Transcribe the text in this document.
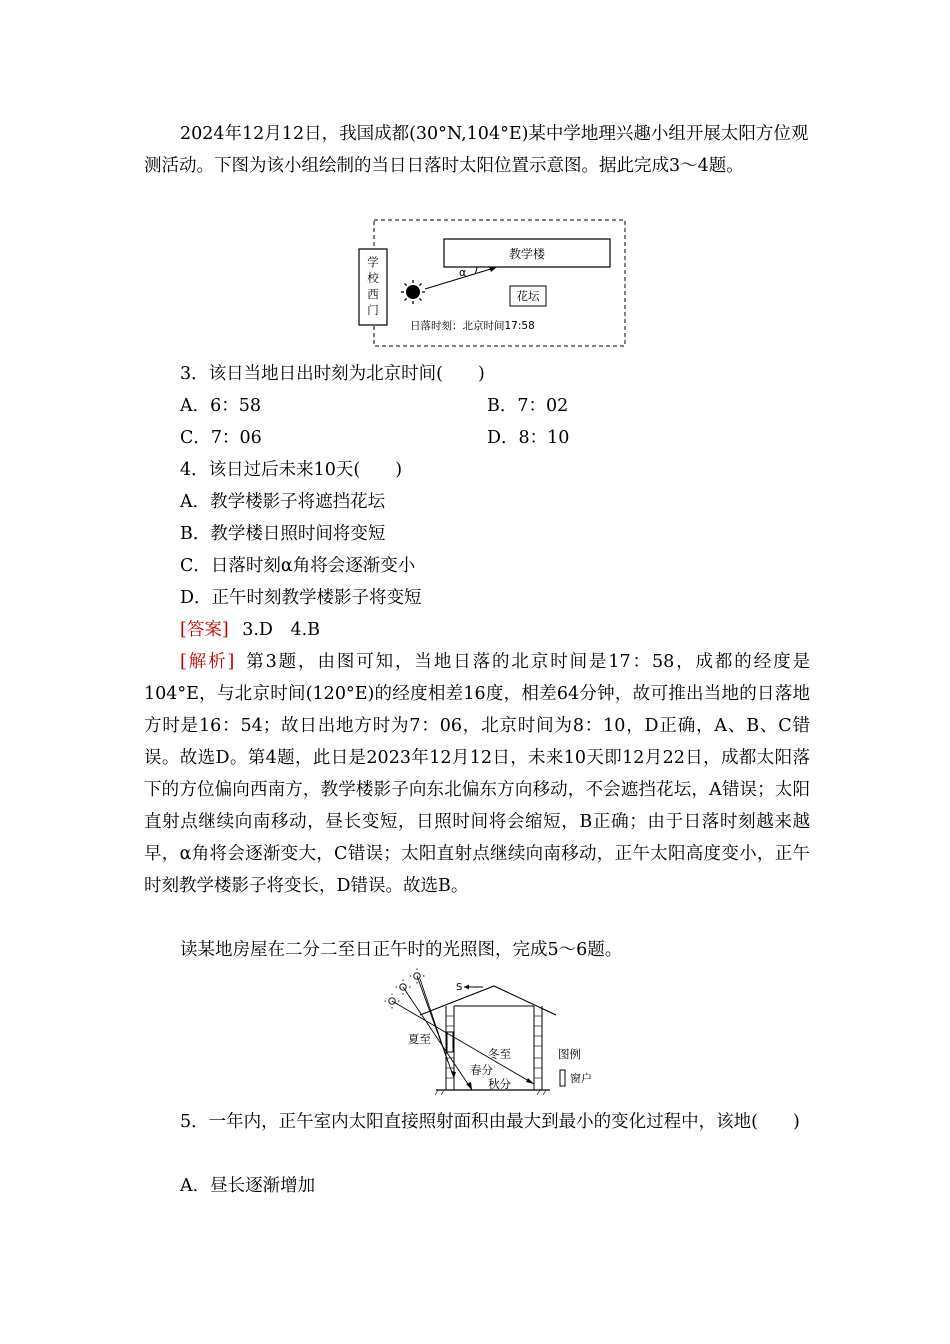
2024年12月12日，我国成都(30°N,104°E)某中学地理兴趣小组开展太阳方位观测活动。下图为该小组绘制的当日日落时太阳位置示意图。据此完成3～4题。
学
校
西
门
教学楼
花坛
α
日落时刻：北京时间17:58
3．该日当地日出时刻为北京时间(　　)
A．6：58	B．7：02
C．7：06	D．8：10
4．该日过后未来10天(　　)
A．教学楼影子将遮挡花坛
B．教学楼日照时间将变短
C．日落时刻α角将会逐渐变小
D．正午时刻教学楼影子将变短
[答案] 3.D　4.B
[解析] 第3题，由图可知，当地日落的北京时间是17：58，成都的经度是104°E，与北京时间(120°E)的经度相差16度，相差64分钟，故可推出当地的日落地方时是16：54；故日出地方时为7：06，北京时间为8：10，D正确，A、B、C错误。故选D。第4题，此日是2023年12月12日，未来10天即12月22日，成都太阳落下的方位偏向西南方，教学楼影子向东北偏东方向移动，不会遮挡花坛，A错误；太阳直射点继续向南移动，昼长变短，日照时间将会缩短，B正确；由于日落时刻越来越早，α角将会逐渐变大，C错误；太阳直射点继续向南移动，正午太阳高度变小，正午时刻教学楼影子将变长，D错误。故选B。
读某地房屋在二分二至日正午时的光照图，完成5～6题。
S
夏至
冬至
春分
秋分
图例
窗户
5．一年内，正午室内太阳直接照射面积由最大到最小的变化过程中，该地(　　)
A．昼长逐渐增加
